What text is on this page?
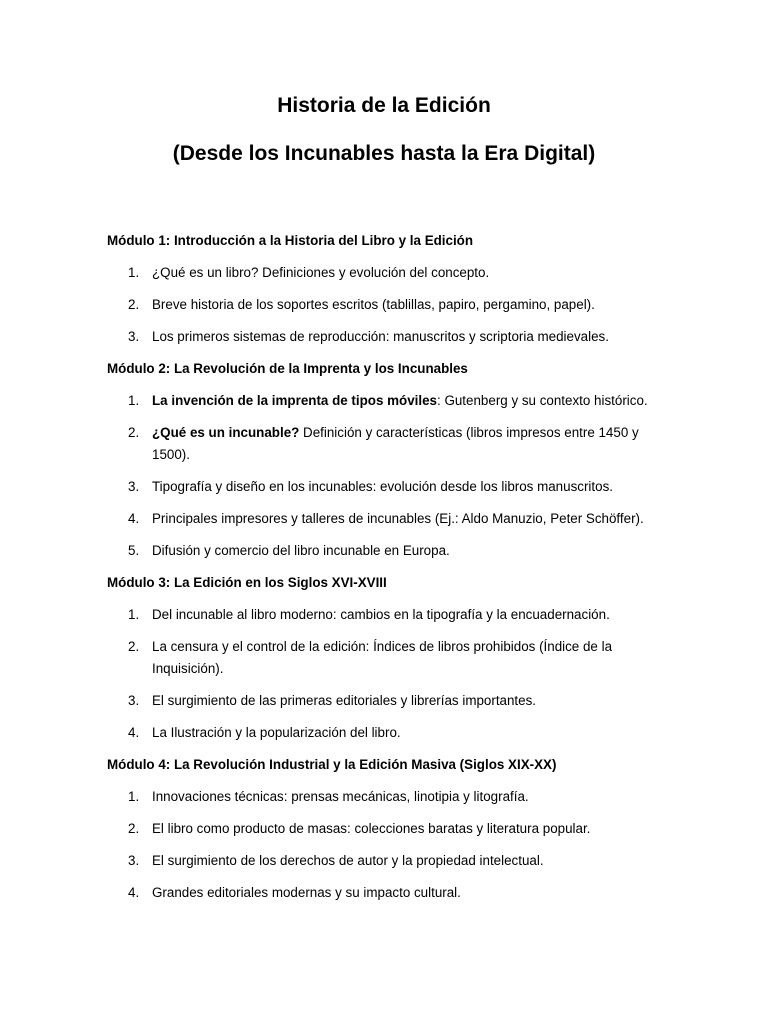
Historia de la Edición

(Desde los Incunables hasta la Era Digital)

Módulo 1: Introducción a la Historia del Libro y la Edición

1. ¿Qué es un libro? Definiciones y evolución del concepto.
2. Breve historia de los soportes escritos (tablillas, papiro, pergamino, papel).
3. Los primeros sistemas de reproducción: manuscritos y scriptoria medievales.

Módulo 2: La Revolución de la Imprenta y los Incunables

1. La invención de la imprenta de tipos móviles: Gutenberg y su contexto histórico.
2. ¿Qué es un incunable? Definición y características (libros impresos entre 1450 y 1500).
3. Tipografía y diseño en los incunables: evolución desde los libros manuscritos.
4. Principales impresores y talleres de incunables (Ej.: Aldo Manuzio, Peter Schöffer).
5. Difusión y comercio del libro incunable en Europa.

Módulo 3: La Edición en los Siglos XVI-XVIII

1. Del incunable al libro moderno: cambios en la tipografía y la encuadernación.
2. La censura y el control de la edición: Índices de libros prohibidos (Índice de la Inquisición).
3. El surgimiento de las primeras editoriales y librerías importantes.
4. La Ilustración y la popularización del libro.

Módulo 4: La Revolución Industrial y la Edición Masiva (Siglos XIX-XX)

1. Innovaciones técnicas: prensas mecánicas, linotipia y litografía.
2. El libro como producto de masas: colecciones baratas y literatura popular.
3. El surgimiento de los derechos de autor y la propiedad intelectual.
4. Grandes editoriales modernas y su impacto cultural.
